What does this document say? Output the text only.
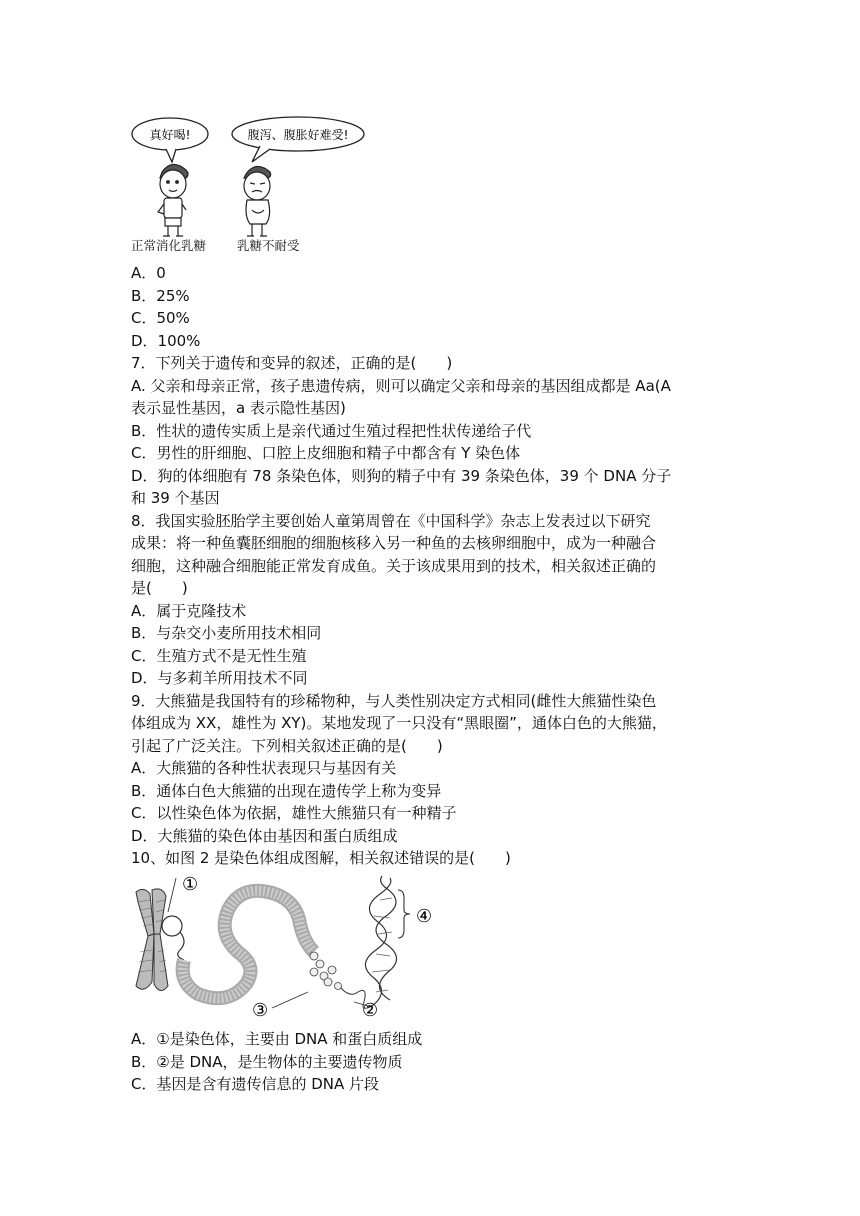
真好喝!	腹泻、腹胀好难受!
正常消化乳糖 乳糖不耐受
A．0
B．25%
C．50%
D．100%
7．下列关于遗传和变异的叙述，正确的是(　　)
A. 父亲和母亲正常，孩子患遗传病，则可以确定父亲和母亲的基因组成都是 Aa(A
表示显性基因，a 表示隐性基因)
B．性状的遗传实质上是亲代通过生殖过程把性状传递给子代
C．男性的肝细胞、口腔上皮细胞和精子中都含有 Y 染色体
D．狗的体细胞有 78 条染色体，则狗的精子中有 39 条染色体，39 个 DNA 分子
和 39 个基因
8．我国实验胚胎学主要创始人童第周曾在《中国科学》杂志上发表过以下研究
成果：将一种鱼囊胚细胞的细胞核移入另一种鱼的去核卵细胞中，成为一种融合
细胞，这种融合细胞能正常发育成鱼。关于该成果用到的技术，相关叙述正确的
是(　　)
A．属于克隆技术
B．与杂交小麦所用技术相同
C．生殖方式不是无性生殖
D．与多莉羊所用技术不同
9．大熊猫是我国特有的珍稀物种，与人类性别决定方式相同(雌性大熊猫性染色
体组成为 XX，雄性为 XY)。某地发现了一只没有“黑眼圈”，通体白色的大熊猫，
引起了广泛关注。下列相关叙述正确的是(　　)
A．大熊猫的各种性状表现只与基因有关
B．通体白色大熊猫的出现在遗传学上称为变异
C．以性染色体为依据，雄性大熊猫只有一种精子
D．大熊猫的染色体由基因和蛋白质组成
10、如图 2 是染色体组成图解，相关叙述错误的是(　　)
①
②
③
④
A．①是染色体，主要由 DNA 和蛋白质组成
B．②是 DNA，是生物体的主要遗传物质
C．基因是含有遗传信息的 DNA 片段
